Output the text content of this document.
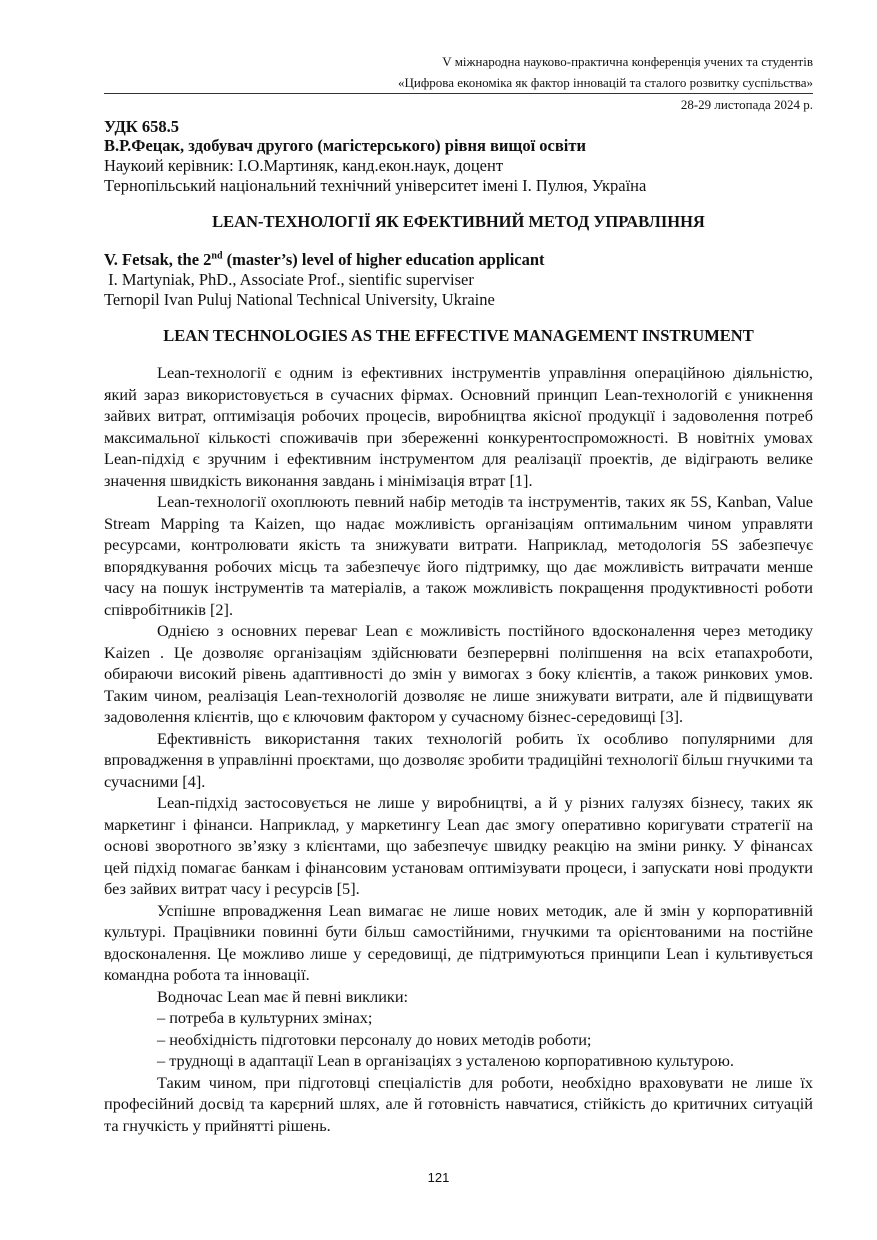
V міжнародна науково-практична конференція учених та студентів
«Цифрова економіка як фактор інновацій та сталого розвитку суспільства»
28-29 листопада 2024 р.
УДК 658.5
В.Р.Фецак, здобувач другого (магістерського) рівня вищої освіти
Наукоий керівник: І.О.Мартиняк, канд.екон.наук, доцент
Тернопільський національний технічний університет імені І. Пулюя, Україна
LEAN-ТЕХНОЛОГІЇ ЯК ЕФЕКТИВНИЙ МЕТОД УПРАВЛІННЯ
V. Fetsak, the 2nd (master’s) level of higher education applicant
I. Martyniak, PhD., Associate Prof., sientific superviser
Ternopil Ivan Puluj National Technical University, Ukraine
LEAN TECHNOLOGIES AS THE EFFECTIVE MANAGEMENT INSTRUMENT

Lean-технології є одним із ефективних інструментів управління операційною діяльністю, який зараз використовується в сучасних фірмах. Основний принцип Lean-технологій є уникнення зайвих витрат, оптимізація робочих процесів, виробництва якісної продукції і задоволення потреб максимальної кількості споживачів при збереженні конкурентоспроможності. В новітніх умовах Lean-підхід є зручним і ефективним інструментом для реалізації проектів, де відіграють велике значення швидкість виконання завдань і мінімізація втрат [1].

Lean-технології охоплюють певний набір методів та інструментів, таких як 5S, Kanban, Value Stream Mapping та Kaizen, що надає можливість організаціям оптимальним чином управляти ресурсами, контролювати якість та знижувати витрати. Наприклад, методологія 5S забезпечує впорядкування робочих місць та забезпечує його підтримку, що дає можливість витрачати менше часу на пошук інструментів та матеріалів, а також можливість покращення продуктивності роботи співробітників [2].

Однією з основних переваг Lean є можливість постійного вдосконалення через методику Kaizen . Це дозволяє організаціям здійснювати безперервні поліпшення на всіх етапахроботи, обираючи високий рівень адаптивності до змін у вимогах з боку клієнтів, а також ринкових умов. Таким чином, реалізація Lean-технологій дозволяє не лише знижувати витрати, але й підвищувати задоволення клієнтів, що є ключовим фактором у сучасному бізнес-середовищі [3].

Ефективність використання таких технологій робить їх особливо популярними для впровадження в управлінні проєктами, що дозволяє зробити традиційні технології більш гнучкими та сучасними [4].

Lean-підхід застосовується не лише у виробництві, а й у різних галузях бізнесу, таких як маркетинг і фінанси. Наприклад, у маркетингу Lean дає змогу оперативно коригувати стратегії на основі зворотного зв’язку з клієнтами, що забезпечує швидку реакцію на зміни ринку. У фінансах цей підхід помагає банкам і фінансовим установам оптимізувати процеси, і запускати нові продукти без зайвих витрат часу і ресурсів [5].

Успішне впровадження Lean вимагає не лише нових методик, але й змін у корпоративній культурі. Працівники повинні бути більш самостійними, гнучкими та орієнтованими на постійне вдосконалення. Це можливо лише у середовищі, де підтримуються принципи Lean і культивується командна робота та інновації.

Водночас Lean має й певні виклики:

– потреба в культурних змінах;

– необхідність підготовки персоналу до нових методів роботи;

– труднощі в адаптації Lean в організаціях з усталеною корпоративною культурою.

Таким чином, при підготовці спеціалістів для роботи, необхідно враховувати не лише їх професійний досвід та карєрний шлях, але й готовність навчатися, стійкість до критичних ситуацій та гнучкість у прийнятті рішень.

121
